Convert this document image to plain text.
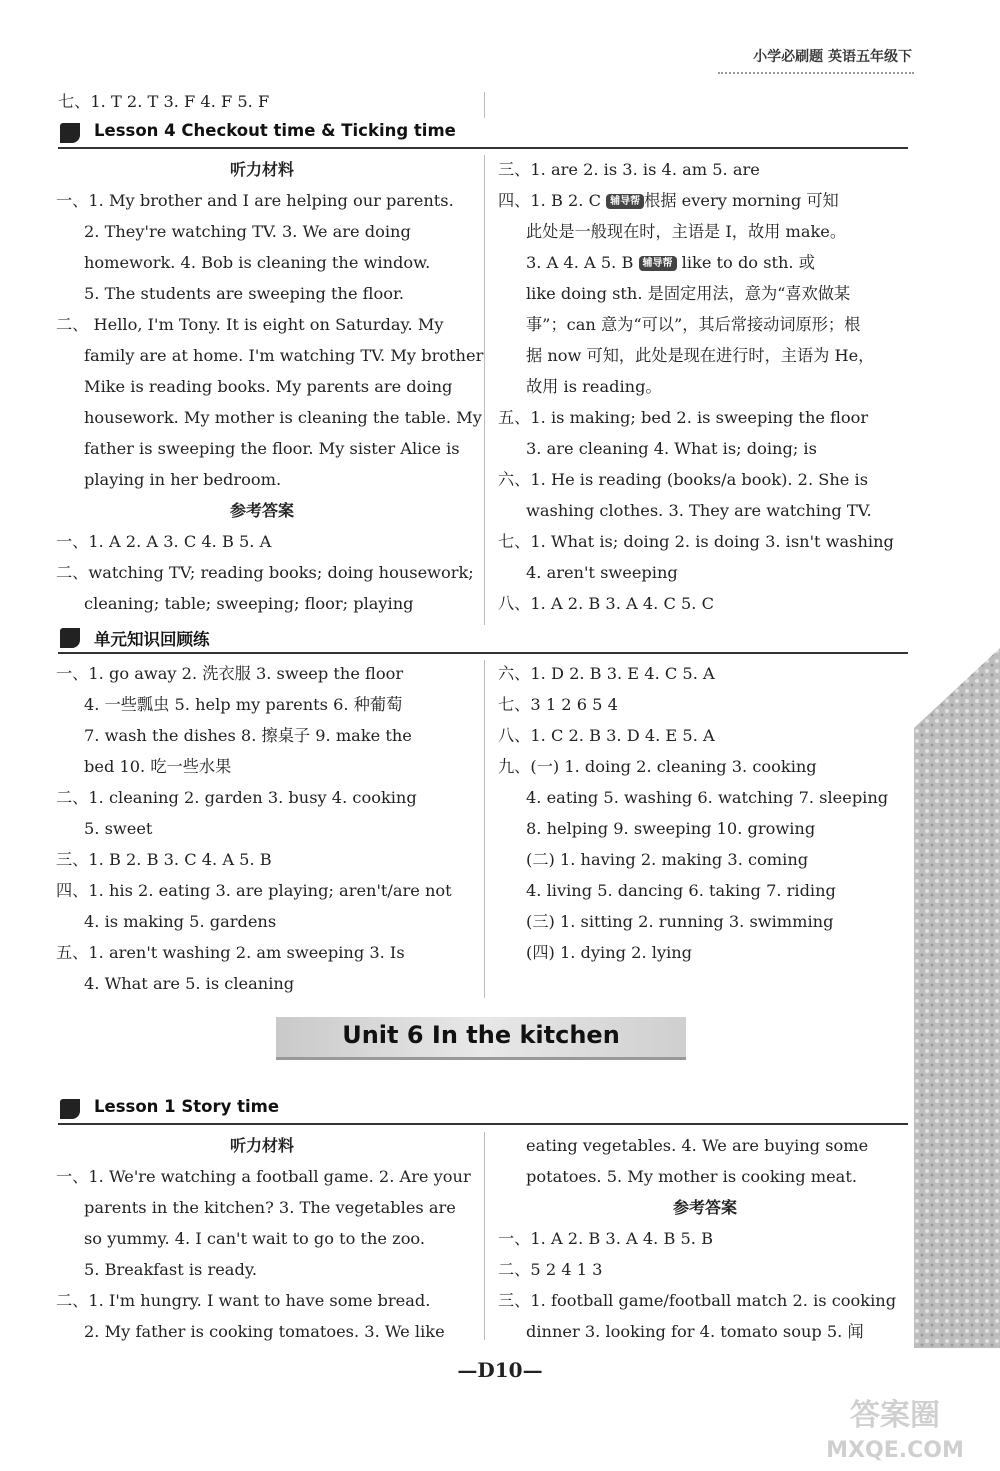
小学必刷题 英语五年级下
七、1. T 2. T 3. F 4. F 5. F
Lesson 4 Checkout time & Ticking time
听力材料
一、1. My brother and I are helping our parents.
2. They're watching TV. 3. We are doing
homework. 4. Bob is cleaning the window.
5. The students are sweeping the floor.
二、 Hello, I'm Tony. It is eight on Saturday. My
family are at home. I'm watching TV. My brother
Mike is reading books. My parents are doing
housework. My mother is cleaning the table. My
father is sweeping the floor. My sister Alice is
playing in her bedroom.
参考答案
一、1. A 2. A 3. C 4. B 5. A
二、watching TV; reading books; doing housework;
cleaning; table; sweeping; floor; playing
三、1. are 2. is 3. is 4. am 5. are
四、1. B 2. C 辅导帮 根据 every morning 可知
此处是一般现在时，主语是 I，故用 make。
3. A 4. A 5. B 辅导帮 like to do sth. 或
like doing sth. 是固定用法，意为“喜欢做某
事”；can 意为“可以”，其后常接动词原形；根
据 now 可知，此处是现在进行时，主语为 He，
故用 is reading。
五、1. is making; bed 2. is sweeping the floor
3. are cleaning 4. What is; doing; is
六、1. He is reading (books/a book). 2. She is
washing clothes. 3. They are watching TV.
七、1. What is; doing 2. is doing 3. isn't washing
4. aren't sweeping
八、1. A 2. B 3. A 4. C 5. C
单元知识回顾练
一、1. go away 2. 洗衣服 3. sweep the floor
4. 一些瓢虫 5. help my parents 6. 种葡萄
7. wash the dishes 8. 擦桌子 9. make the
bed 10. 吃一些水果
二、1. cleaning 2. garden 3. busy 4. cooking
5. sweet
三、1. B 2. B 3. C 4. A 5. B
四、1. his 2. eating 3. are playing; aren't/are not
4. is making 5. gardens
五、1. aren't washing 2. am sweeping 3. Is
4. What are 5. is cleaning
六、1. D 2. B 3. E 4. C 5. A
七、3 1 2 6 5 4
八、1. C 2. B 3. D 4. E 5. A
九、(一) 1. doing 2. cleaning 3. cooking
4. eating 5. washing 6. watching 7. sleeping
8. helping 9. sweeping 10. growing
(二) 1. having 2. making 3. coming
4. living 5. dancing 6. taking 7. riding
(三) 1. sitting 2. running 3. swimming
(四) 1. dying 2. lying
Unit 6 In the kitchen
Lesson 1 Story time
听力材料
一、1. We're watching a football game. 2. Are your
parents in the kitchen? 3. The vegetables are
so yummy. 4. I can't wait to go to the zoo.
5. Breakfast is ready.
二、1. I'm hungry. I want to have some bread.
2. My father is cooking tomatoes. 3. We like
eating vegetables. 4. We are buying some
potatoes. 5. My mother is cooking meat.
参考答案
一、1. A 2. B 3. A 4. B 5. B
二、5 2 4 1 3
三、1. football game/football match 2. is cooking
dinner 3. looking for 4. tomato soup 5. 闻
—D10—
答案圈
MXQE.COM
